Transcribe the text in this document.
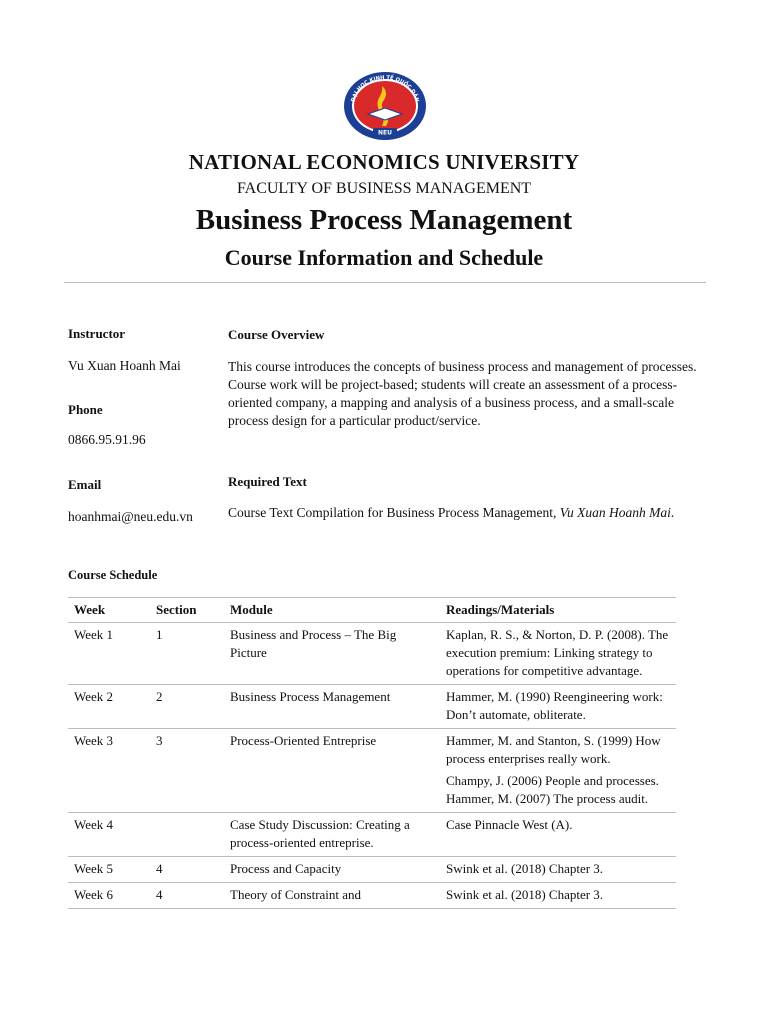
NEU
ĐẠI HỌC KINH TẾ QUỐC DÂN
NATIONAL ECONOMICS UNIVERSITY
FACULTY OF BUSINESS MANAGEMENT
Business Process Management
Course Information and Schedule
Instructor
Vu Xuan Hoanh Mai
Phone
0866.95.91.96
Email
hoanhmai@neu.edu.vn
Course Overview
This course introduces the concepts of business process and management of processes. Course work will be project-based; students will create an assessment of a process-oriented company, a mapping and analysis of a business process, and a small-scale process design for a particular product/service.
Required Text
Course Text Compilation for Business Process Management, Vu Xuan Hoanh Mai.
Course Schedule
Week	Section	Module	Readings/Materials
Week 1	1	Business and Process – The Big Picture	Kaplan, R. S., & Norton, D. P. (2008). The execution premium: Linking strategy to operations for competitive advantage.
Week 2	2	Business Process Management	Hammer, M. (1990) Reengineering work: Don’t automate, obliterate.
Week 3	3	Process-Oriented Entreprise	Hammer, M. and Stanton, S. (1999) How process enterprises really work.
Champy, J. (2006) People and processes. Hammer, M. (2007) The process audit.

Week 4		Case Study Discussion: Creating a process-oriented entreprise.	Case Pinnacle West (A).
Week 5	4	Process and Capacity	Swink et al. (2018) Chapter 3.
Week 6	4	Theory of Constraint and	Swink et al. (2018) Chapter 3.
